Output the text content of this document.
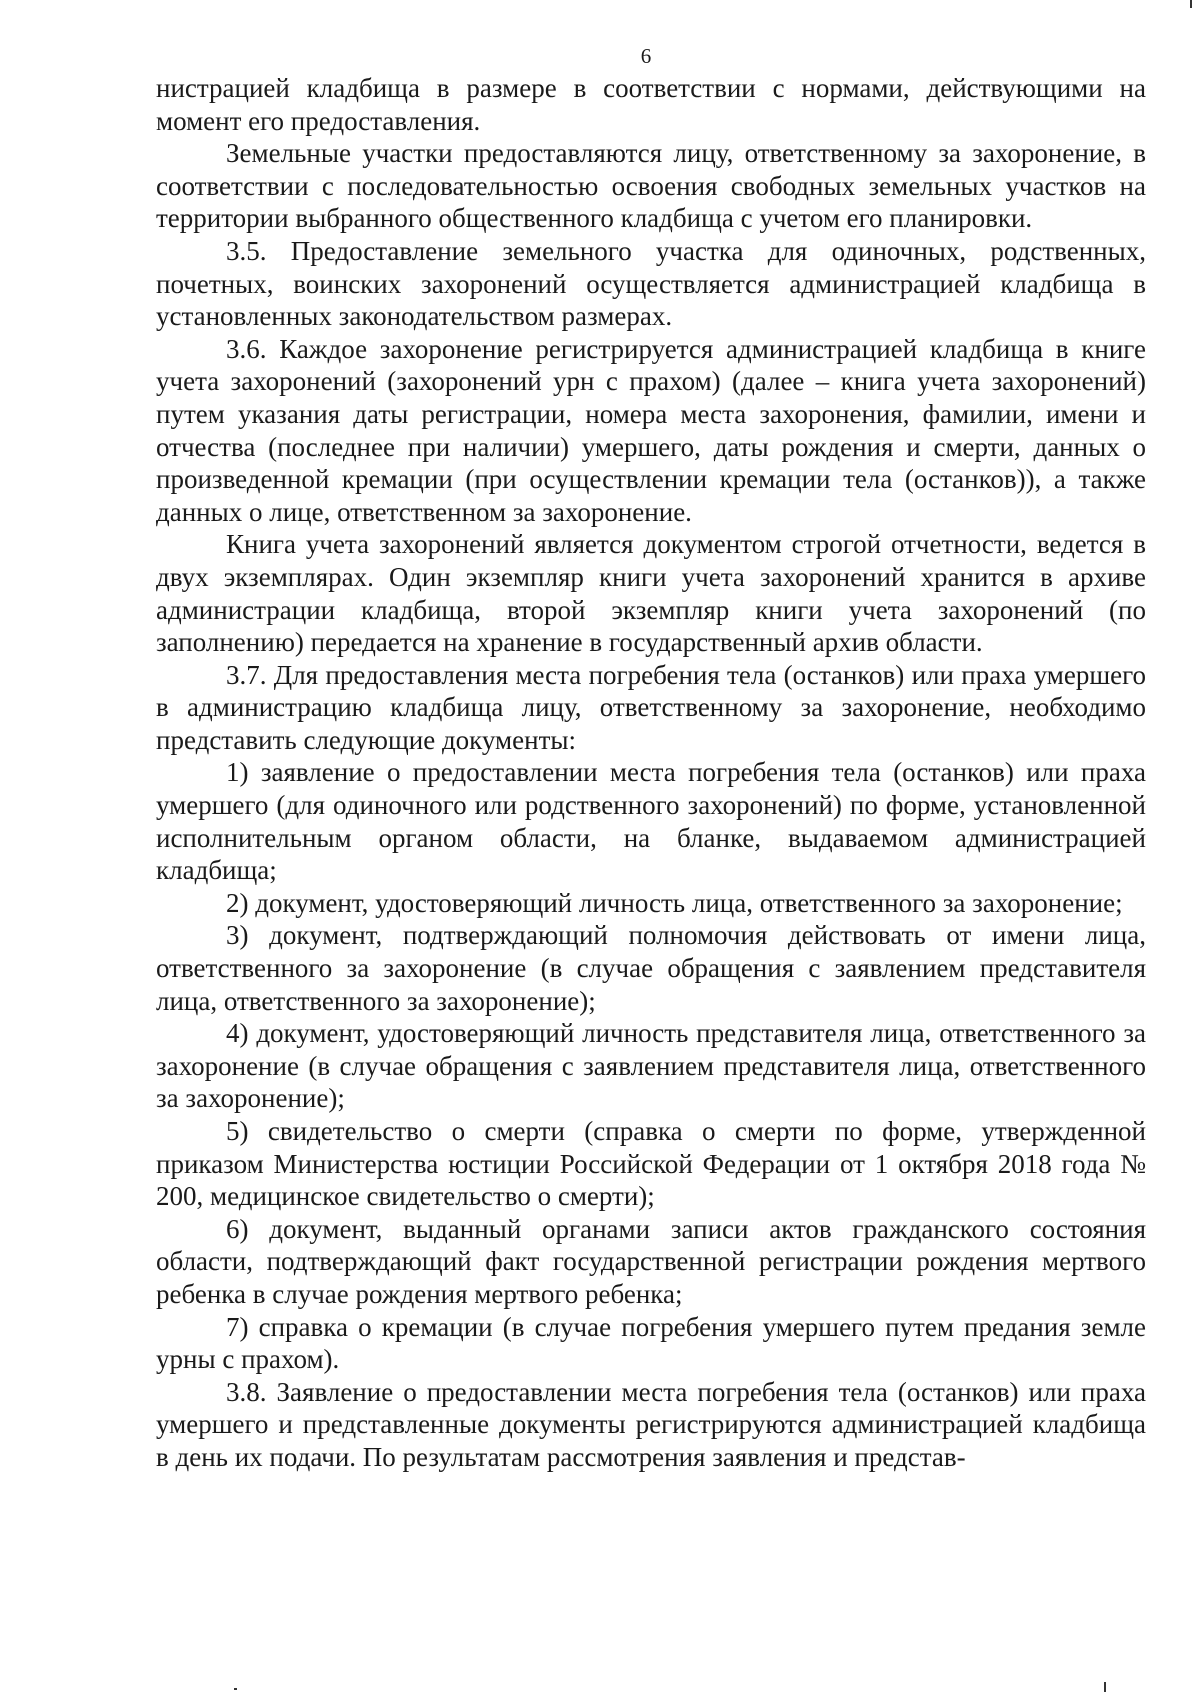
6

нистрацией кладбища в размере в соответствии с нормами, действующими на момент его предоставления.

Земельные участки предоставляются лицу, ответственному за захоронение, в соответствии с последовательностью освоения свободных земельных участков на территории выбранного общественного кладбища с учетом его планировки.

3.5. Предоставление земельного участка для одиночных, родственных, почетных, воинских захоронений осуществляется администрацией кладбища в установленных законодательством размерах.

3.6. Каждое захоронение регистрируется администрацией кладбища в книге учета захоронений (захоронений урн с прахом) (далее – книга учета захоронений) путем указания даты регистрации, номера места захоронения, фамилии, имени и отчества (последнее при наличии) умершего, даты рождения и смерти, данных о произведенной кремации (при осуществлении кремации тела (останков)), а также данных о лице, ответственном за захоронение.

Книга учета захоронений является документом строгой отчетности, ведется в двух экземплярах. Один экземпляр книги учета захоронений хранится в архиве администрации кладбища, второй экземпляр книги учета захоронений (по заполнению) передается на хранение в государственный архив области.

3.7. Для предоставления места погребения тела (останков) или праха умершего в администрацию кладбища лицу, ответственному за захоронение, необходимо представить следующие документы:

1) заявление о предоставлении места погребения тела (останков) или праха умершего (для одиночного или родственного захоронений) по форме, установленной исполнительным органом области, на бланке, выдаваемом администрацией кладбища;

2) документ, удостоверяющий личность лица, ответственного за захоронение;

3) документ, подтверждающий полномочия действовать от имени лица, ответственного за захоронение (в случае обращения с заявлением представителя лица, ответственного за захоронение);

4) документ, удостоверяющий личность представителя лица, ответственного за захоронение (в случае обращения с заявлением представителя лица, ответственного за захоронение);

5) свидетельство о смерти (справка о смерти по форме, утвержденной приказом Министерства юстиции Российской Федерации от 1 октября 2018 года № 200, медицинское свидетельство о смерти);

6) документ, выданный органами записи актов гражданского состояния области, подтверждающий факт государственной регистрации рождения мертвого ребенка в случае рождения мертвого ребенка;

7) справка о кремации (в случае погребения умершего путем предания земле урны с прахом).

3.8. Заявление о предоставлении места погребения тела (останков) или праха умершего и представленные документы регистрируются администрацией кладбища в день их подачи. По результатам рассмотрения заявления и представ-
